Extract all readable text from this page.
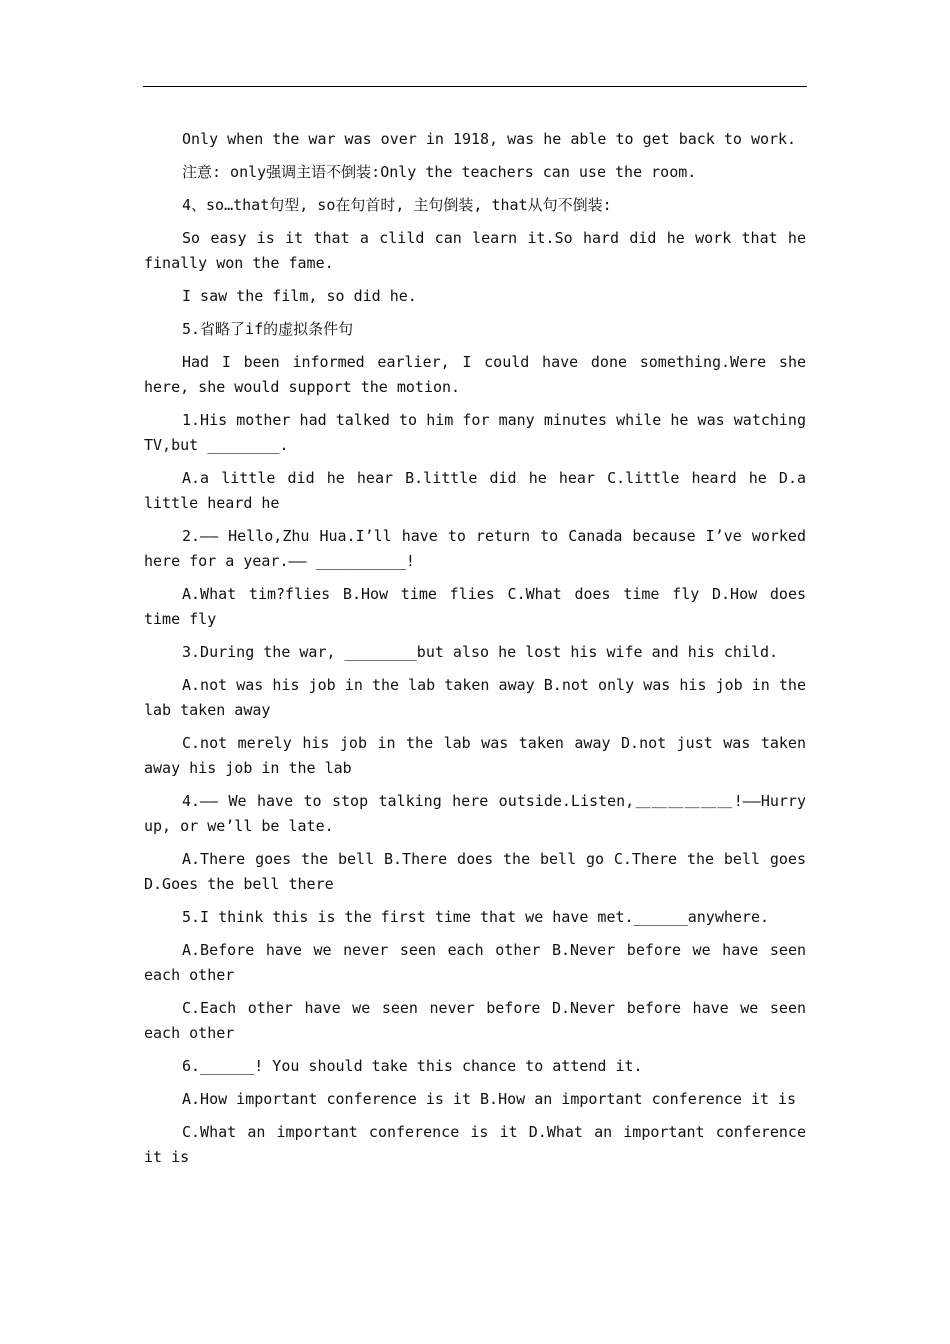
Only when the war was over in 1918, was he able to get back to work.

注意: only强调主语不倒装:Only the teachers can use the room.

4、so…that句型, so在句首时, 主句倒装, that从句不倒装:

So easy is it that a clild can learn it.So hard did he work that he finally won the fame.

I saw the film, so did he.

5.省略了if的虚拟条件句

Had I been informed earlier, I could have done something.Were she here, she would support the motion.

1.His mother had talked to him for many minutes while he was watching TV,but ________.

A.a little did he hear B.little did he hear C.little heard he D.a little heard he

2.—— Hello,Zhu Hua.I’ll have to return to Canada because I’ve worked here for a year.—— __________!

A.What tim?flies B.How time flies C.What does time fly D.How does time fly

3.During the war, ________but also he lost his wife and his child.

A.not was his job in the lab taken away B.not only was his job in the lab taken away

C.not merely his job in the lab was taken away D.not just was taken away his job in the lab

4.—— We have to stop talking here outside.Listen,＿＿＿＿＿＿!——Hurry up, or we’ll be late.

A.There goes the bell B.There does the bell go C.There the bell goes D.Goes the bell there

5.I think this is the first time that we have met.______anywhere.

A.Before have we never seen each other B.Never before we have seen each other

C.Each other have we seen never before D.Never before have we seen each other

6.______! You should take this chance to attend it.

A.How important conference is it B.How an important conference it is

C.What an important conference is it D.What an important conference it is
